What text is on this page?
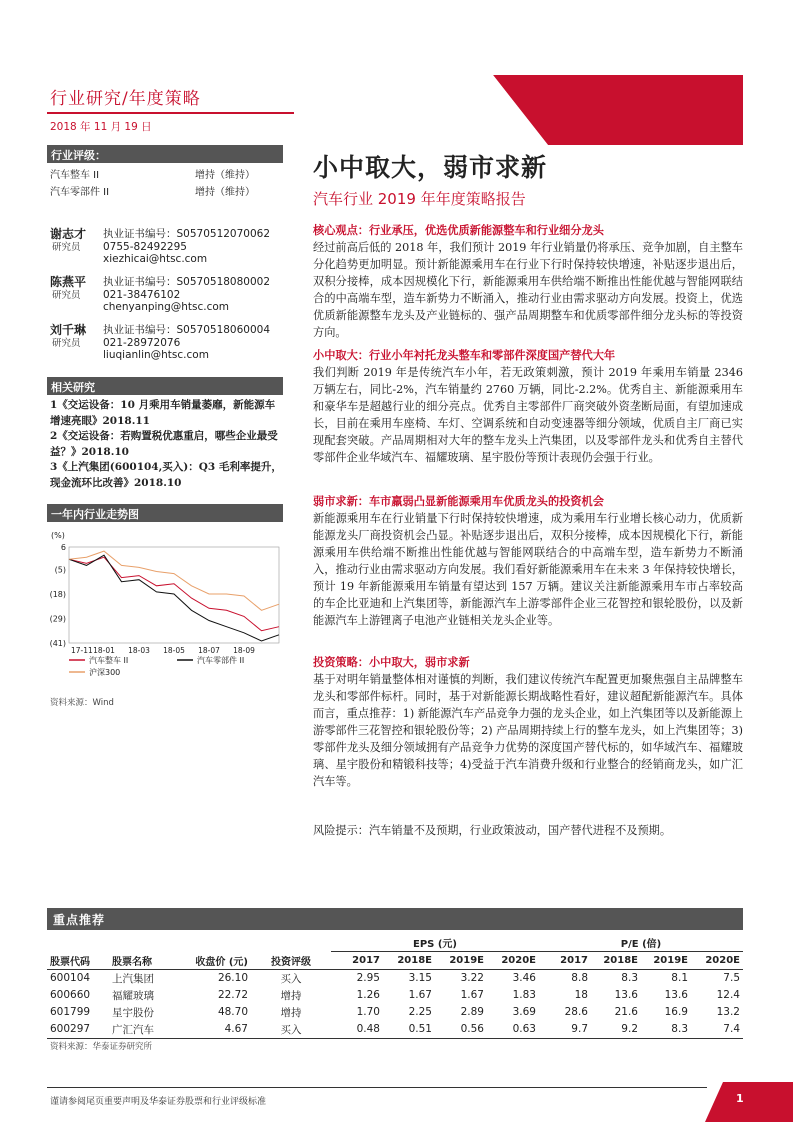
行业研究/年度策略
2018 年 11 月 19 日
行业评级：
汽车整车 II	增持（维持）
汽车零部件 II	增持（维持）
谢志才
研究员
执业证书编号：S0570512070062
0755-82492295
xiezhicai@htsc.com
陈燕平
研究员
执业证书编号：S0570518080002
021-38476102
chenyanping@htsc.com
刘千琳
研究员
执业证书编号：S0570518060004
021-28972076
liuqianlin@htsc.com
相关研究

1《交运设备：10 月乘用车销量萎靡，新能源车增速亮眼》2018.11

2《交运设备：若购置税优惠重启，哪些企业最受益？》2018.10

3《上汽集团(600104,买入)：Q3 毛利率提升，现金流环比改善》2018.10

一年内行业走势图
6
(5)
(18)
(29)
(41)
17-11 18-01 18-03 18-05 18-07 18-09
汽车整车 II	汽车零部件 II
沪深300
(%)
资料来源：Wind
小中取大，弱市求新
汽车行业 2019 年年度策略报告
核心观点：行业承压，优选优质新能源整车和行业细分龙头
经过前高后低的 2018 年，我们预计 2019 年行业销量仍将承压、竞争加剧，自主整车分化趋势更加明显。预计新能源乘用车在行业下行时保持较快增速，补贴逐步退出后，双积分接棒，成本因规模化下行，新能源乘用车供给端不断推出性能优越与智能网联结合的中高端车型，造车新势力不断涌入，推动行业由需求驱动方向发展。投资上，优选优质新能源整车龙头及产业链标的、强产品周期整车和优质零部件细分龙头标的等投资方向。
小中取大：行业小年衬托龙头整车和零部件深度国产替代大年
我们判断 2019 年是传统汽车小年，若无政策刺激，预计 2019 年乘用车销量 2346 万辆左右，同比-2%，汽车销量约 2760 万辆，同比-2.2%。优秀自主、新能源乘用车和豪华车是超越行业的细分亮点。优秀自主零部件厂商突破外资垄断局面，有望加速成长，目前在乘用车座椅、车灯、空调系统和自动变速器等细分领域，优质自主厂商已实现配套突破。产品周期相对大年的整车龙头上汽集团，以及零部件龙头和优秀自主替代零部件企业华域汽车、福耀玻璃、星宇股份等预计表现仍会强于行业。
弱市求新：车市羸弱凸显新能源乘用车优质龙头的投资机会
新能源乘用车在行业销量下行时保持较快增速，成为乘用车行业增长核心动力，优质新能源龙头厂商投资机会凸显。补贴逐步退出后，双积分接棒，成本因规模化下行，新能源乘用车供给端不断推出性能优越与智能网联结合的中高端车型，造车新势力不断涌入，推动行业由需求驱动方向发展。我们看好新能源乘用车在未来 3 年保持较快增长，预计 19 年新能源乘用车销量有望达到 157 万辆。建议关注新能源乘用车市占率较高的车企比亚迪和上汽集团等，新能源汽车上游零部件企业三花智控和银轮股份，以及新能源汽车上游锂离子电池产业链相关龙头企业等。
投资策略：小中取大，弱市求新
基于对明年销量整体相对谨慎的判断，我们建议传统汽车配置更加聚焦强自主品牌整车龙头和零部件标杆。同时，基于对新能源长期战略性看好，建议超配新能源汽车。具体而言，重点推荐：1) 新能源汽车产品竞争力强的龙头企业，如上汽集团等以及新能源上游零部件三花智控和银轮股份等；2) 产品周期持续上行的整车龙头，如上汽集团等；3) 零部件龙头及细分领域拥有产品竞争力优势的深度国产替代标的，如华域汽车、福耀玻璃、星宇股份和精锻科技等；4)受益于汽车消费升级和行业整合的经销商龙头，如广汇汽车等。
风险提示：汽车销量不及预期，行业政策波动，国产替代进程不及预期。
重点推荐
				EPS (元)				P/E (倍)			
股票代码	股票名称	收盘价 (元)	投资评级	2017	2018E	2019E	2020E	2017	2018E	2019E	2020E
600104	上汽集团	26.10	买入	2.95	3.15	3.22	3.46	8.8	8.3	8.1	7.5
600660	福耀玻璃	22.72	增持	1.26	1.67	1.67	1.83	18	13.6	13.6	12.4
601799	星宇股份	48.70	增持	1.70	2.25	2.89	3.69	28.6	21.6	16.9	13.2
600297	广汇汽车	4.67	买入	0.48	0.51	0.56	0.63	9.7	9.2	8.3	7.4
资料来源：华泰证券研究所
谨请参阅尾页重要声明及华泰证券股票和行业评级标准	1
